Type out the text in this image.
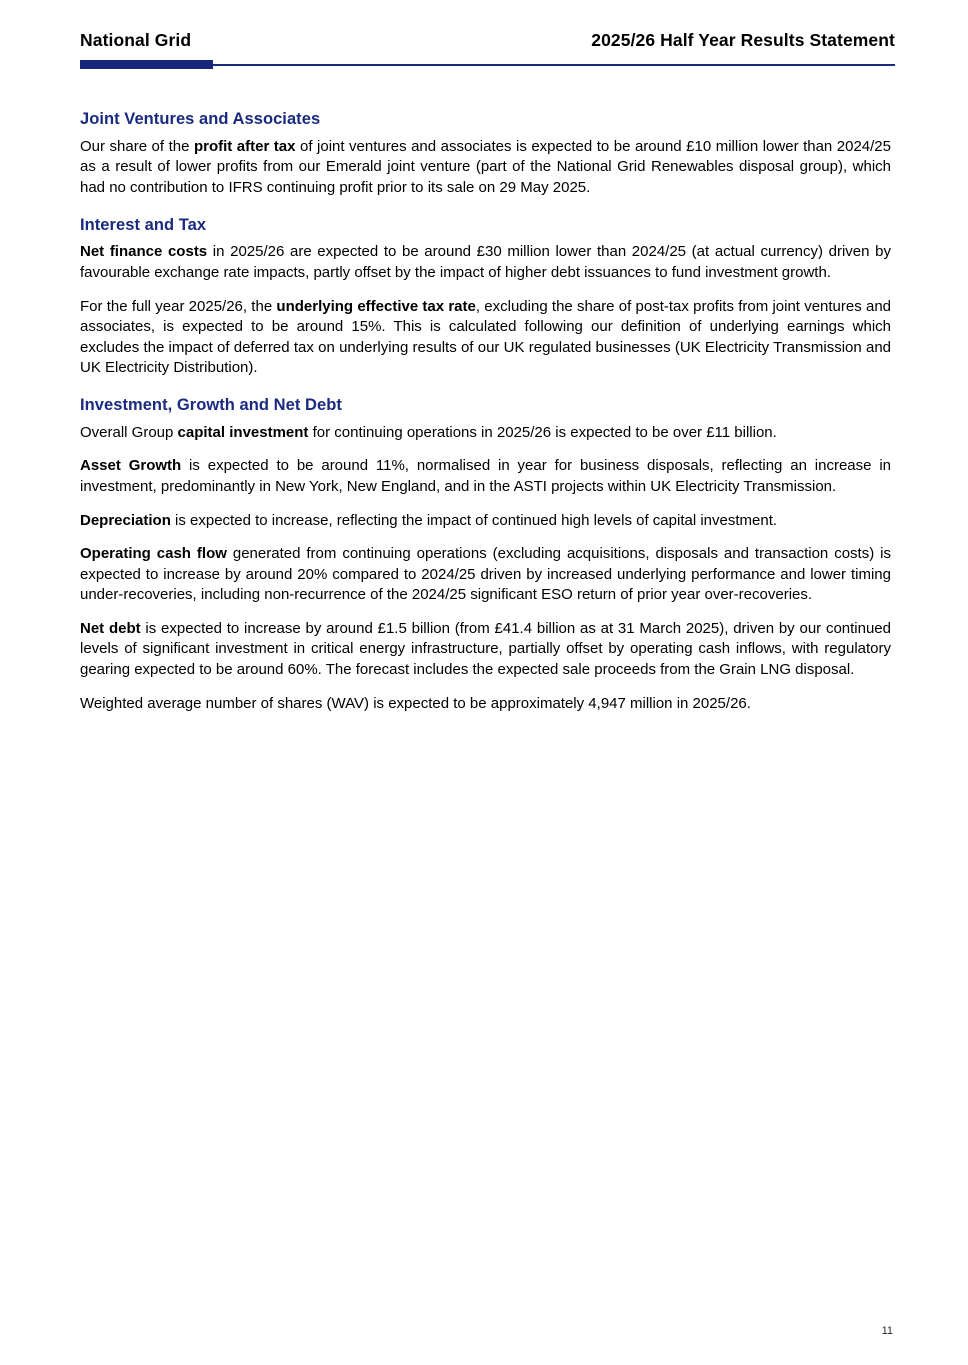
National Grid	2025/26 Half Year Results Statement
Joint Ventures and Associates

Our share of the profit after tax of joint ventures and associates is expected to be around £10 million lower than 2024/25 as a result of lower profits from our Emerald joint venture (part of the National Grid Renewables disposal group), which had no contribution to IFRS continuing profit prior to its sale on 29 May 2025.

Interest and Tax

Net finance costs in 2025/26 are expected to be around £30 million lower than 2024/25 (at actual currency) driven by favourable exchange rate impacts, partly offset by the impact of higher debt issuances to fund investment growth.

For the full year 2025/26, the underlying effective tax rate, excluding the share of post-tax profits from joint ventures and associates, is expected to be around 15%. This is calculated following our definition of underlying earnings which excludes the impact of deferred tax on underlying results of our UK regulated businesses (UK Electricity Transmission and UK Electricity Distribution).

Investment, Growth and Net Debt

Overall Group capital investment for continuing operations in 2025/26 is expected to be over £11 billion.

Asset Growth is expected to be around 11%, normalised in year for business disposals, reflecting an increase in investment, predominantly in New York, New England, and in the ASTI projects within UK Electricity Transmission.

Depreciation is expected to increase, reflecting the impact of continued high levels of capital investment.

Operating cash flow generated from continuing operations (excluding acquisitions, disposals and transaction costs) is expected to increase by around 20% compared to 2024/25 driven by increased underlying performance and lower timing under-recoveries, including non-recurrence of the 2024/25 significant ESO return of prior year over-recoveries.

Net debt is expected to increase by around £1.5 billion (from £41.4 billion as at 31 March 2025), driven by our continued levels of significant investment in critical energy infrastructure, partially offset by operating cash inflows, with regulatory gearing expected to be around 60%. The forecast includes the expected sale proceeds from the Grain LNG disposal.

Weighted average number of shares (WAV) is expected to be approximately 4,947 million in 2025/26.

11
